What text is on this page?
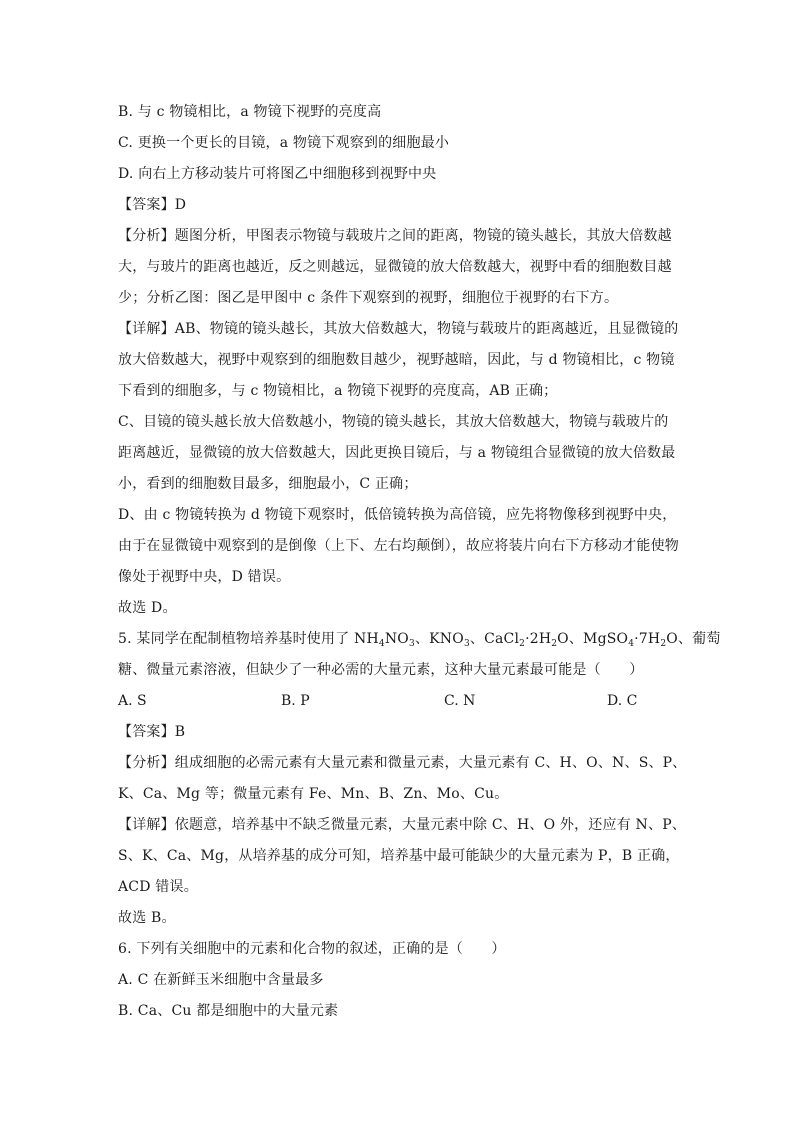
B. 与 c 物镜相比，a 物镜下视野的亮度高
C. 更换一个更长的目镜，a 物镜下观察到的细胞最小
D. 向右上方移动装片可将图乙中细胞移到视野中央
【答案】D
【分析】题图分析，甲图表示物镜与载玻片之间的距离，物镜的镜头越长，其放大倍数越
大，与玻片的距离也越近，反之则越远，显微镜的放大倍数越大，视野中看的细胞数目越
少；分析乙图：图乙是甲图中 c 条件下观察到的视野，细胞位于视野的右下方。
【详解】AB、物镜的镜头越长，其放大倍数越大，物镜与载玻片的距离越近，且显微镜的
放大倍数越大，视野中观察到的细胞数目越少，视野越暗，因此，与 d 物镜相比，c 物镜
下看到的细胞多，与 c 物镜相比，a 物镜下视野的亮度高，AB 正确；
C、目镜的镜头越长放大倍数越小，物镜的镜头越长，其放大倍数越大，物镜与载玻片的
距离越近，显微镜的放大倍数越大，因此更换目镜后，与 a 物镜组合显微镜的放大倍数最
小，看到的细胞数目最多，细胞最小，C 正确；
D、由 c 物镜转换为 d 物镜下观察时，低倍镜转换为高倍镜，应先将物像移到视野中央，
由于在显微镜中观察到的是倒像（上下、左右均颠倒），故应将装片向右下方移动才能使物
像处于视野中央，D 错误。
故选 D。
5. 某同学在配制植物培养基时使用了 $NH_4NO_3$、$KNO_3$、$CaCl_2\cdot 2H_2O$、$MgSO_4\cdot 7H_2O$、葡萄
糖、微量元素溶液，但缺少了一种必需的大量元素，这种大量元素最可能是（　　）
A. S	B. P	C. N	D. C
【答案】B
【分析】组成细胞的必需元素有大量元素和微量元素，大量元素有 C、H、O、N、S、P、
K、Ca、Mg 等；微量元素有 Fe、Mn、B、Zn、Mo、Cu。
【详解】依题意，培养基中不缺乏微量元素，大量元素中除 C、H、O 外，还应有 N、P、
S、K、Ca、Mg，从培养基的成分可知，培养基中最可能缺少的大量元素为 P，B 正确，
ACD 错误。
故选 B。
6. 下列有关细胞中的元素和化合物的叙述，正确的是（　　）
A. C 在新鲜玉米细胞中含量最多
B. Ca、Cu 都是细胞中的大量元素
